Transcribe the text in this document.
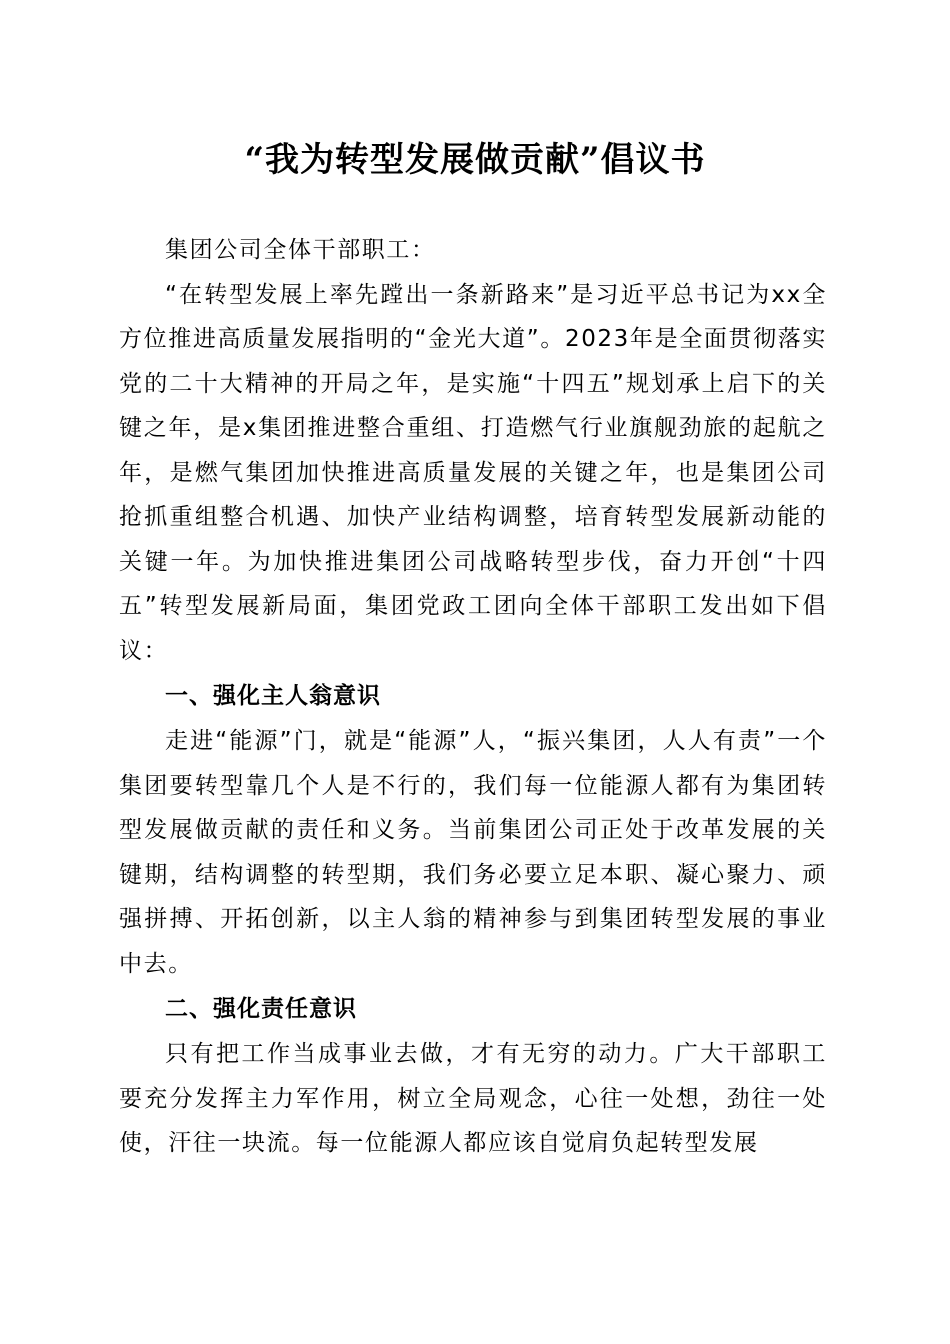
“我为转型发展做贡献”倡议书

集团公司全体干部职工：

“在转型发展上率先蹚出一条新路来”是习近平总书记为xx全方位推进高质量发展指明的“金光大道”。2023年是全面贯彻落实党的二十大精神的开局之年，是实施“十四五”规划承上启下的关键之年，是x集团推进整合重组、打造燃气行业旗舰劲旅的起航之年，是燃气集团加快推进高质量发展的关键之年，也是集团公司抢抓重组整合机遇、加快产业结构调整，培育转型发展新动能的关键一年。为加快推进集团公司战略转型步伐，奋力开创“十四五”转型发展新局面，集团党政工团向全体干部职工发出如下倡议：

一、强化主人翁意识

走进“能源”门，就是“能源”人，“振兴集团，人人有责”一个集团要转型靠几个人是不行的，我们每一位能源人都有为集团转型发展做贡献的责任和义务。当前集团公司正处于改革发展的关键期，结构调整的转型期，我们务必要立足本职、凝心聚力、顽强拼搏、开拓创新，以主人翁的精神参与到集团转型发展的事业中去。

二、强化责任意识

只有把工作当成事业去做，才有无穷的动力。广大干部职工要充分发挥主力军作用，树立全局观念，心往一处想，劲往一处使，汗往一块流。每一位能源人都应该自觉肩负起转型发展
